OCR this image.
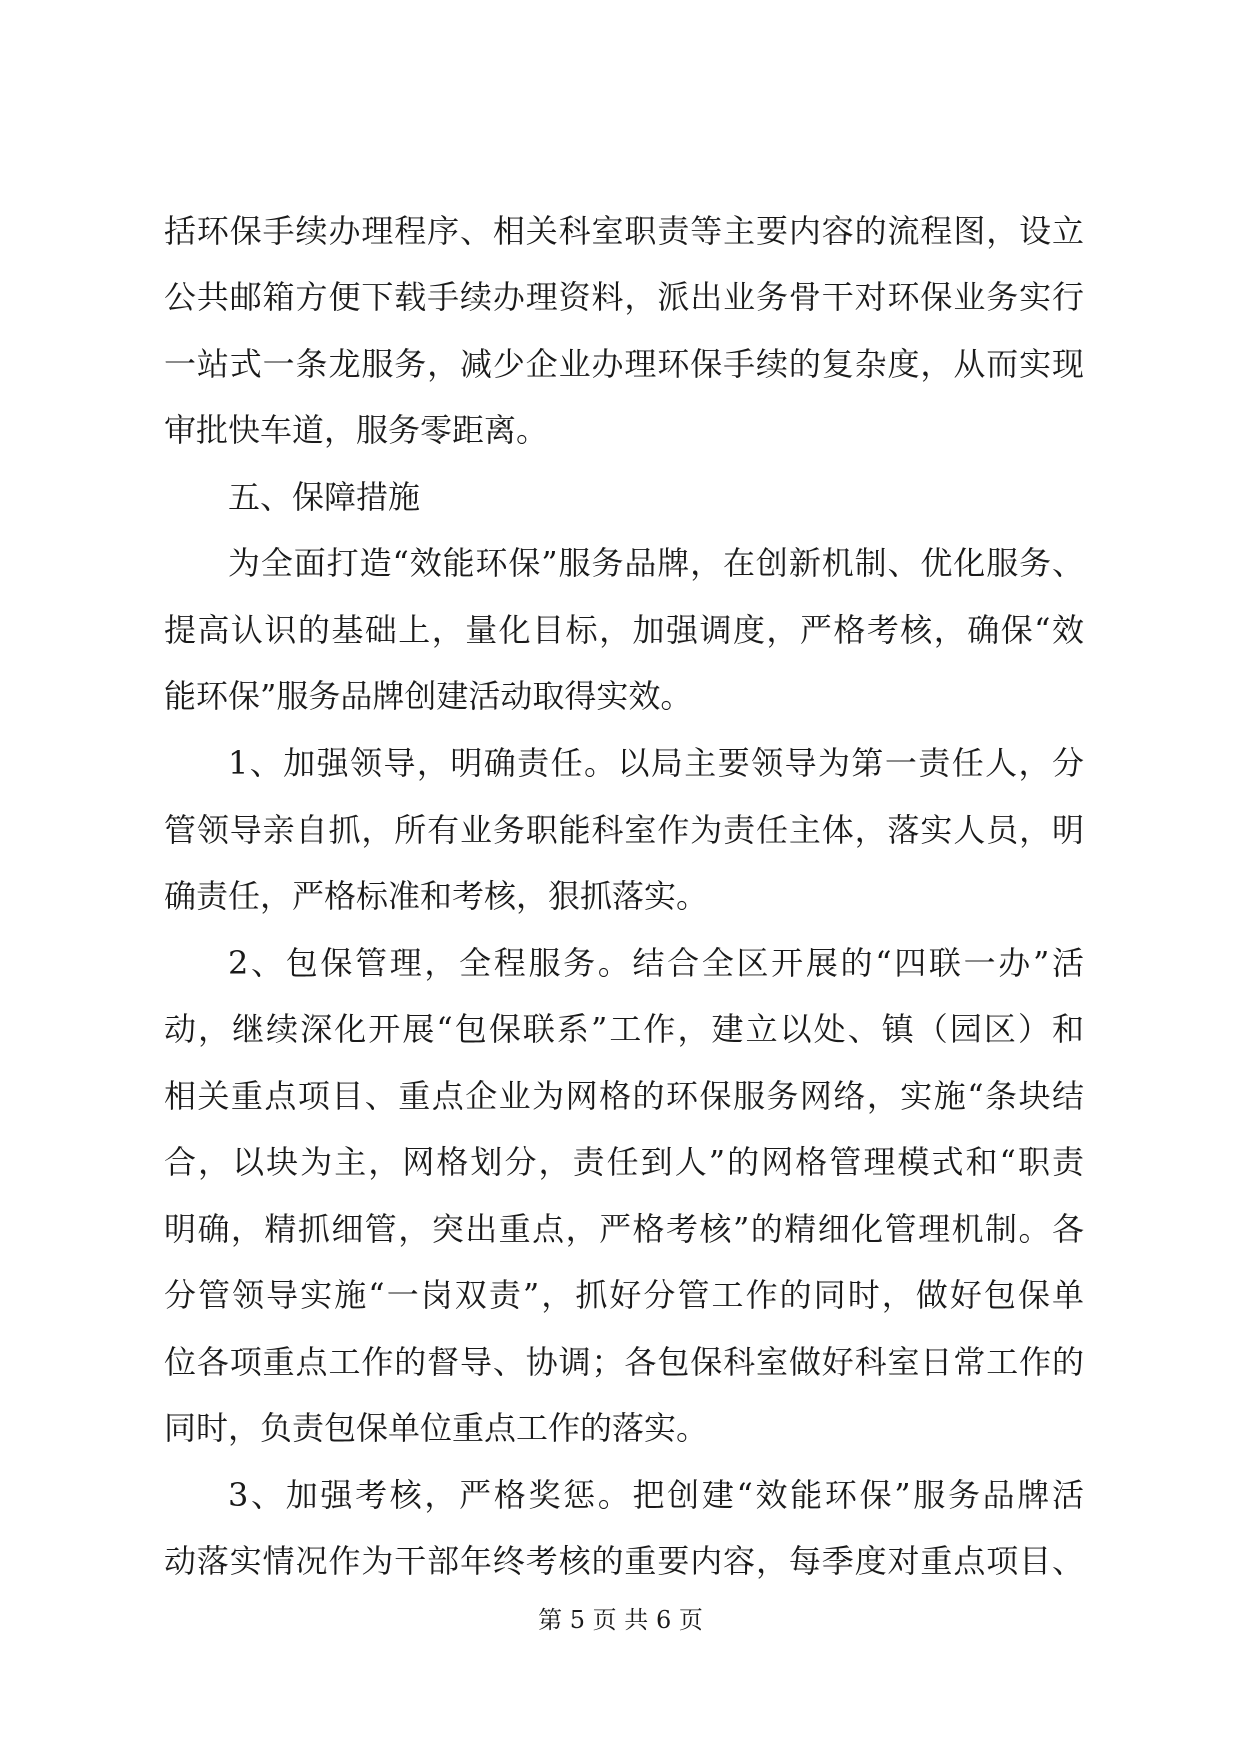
括环保手续办理程序、相关科室职责等主要内容的流程图，设立
公共邮箱方便下载手续办理资料，派出业务骨干对环保业务实行
一站式一条龙服务，减少企业办理环保手续的复杂度，从而实现
审批快车道，服务零距离。
五、保障措施
为全面打造“效能环保”服务品牌，在创新机制、优化服务、
提高认识的基础上，量化目标，加强调度，严格考核，确保“效
能环保”服务品牌创建活动取得实效。
1、加强领导，明确责任。以局主要领导为第一责任人，分
管领导亲自抓，所有业务职能科室作为责任主体，落实人员，明
确责任，严格标准和考核，狠抓落实。
2、包保管理，全程服务。结合全区开展的“四联一办”活
动，继续深化开展“包保联系”工作，建立以处、镇（园区）和
相关重点项目、重点企业为网格的环保服务网络，实施“条块结
合，以块为主，网格划分，责任到人”的网格管理模式和“职责
明确，精抓细管，突出重点，严格考核”的精细化管理机制。各
分管领导实施“一岗双责”，抓好分管工作的同时，做好包保单
位各项重点工作的督导、协调；各包保科室做好科室日常工作的
同时，负责包保单位重点工作的落实。
3、加强考核，严格奖惩。把创建“效能环保”服务品牌活
动落实情况作为干部年终考核的重要内容，每季度对重点项目、
第 5 页 共 6 页
